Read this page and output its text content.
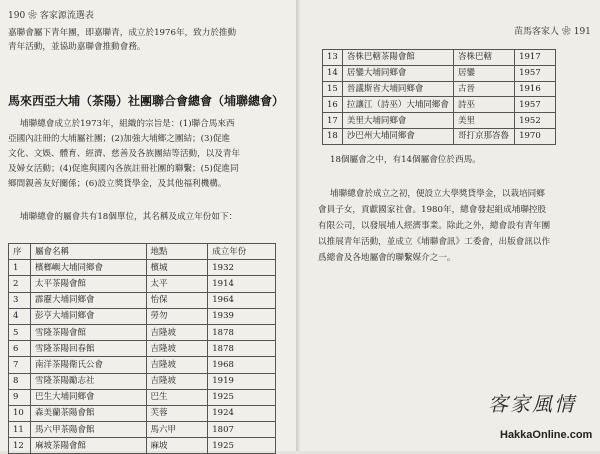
190 ❀ 客家源流選表

嘉聯會屬下青年團，即嘉聯青，成立於1976年，致力於推動

青年活動，並協助嘉聯會推動會務。

馬來西亞大埔（茶陽）社團聯合會總會（埔聯總會）

埔聯總會成立於1973年，組織的宗旨是：(1)聯合馬來西

亞國內註冊的大埔屬社團；(2)加強大埔鄉之團結；(3)促進

文化、文娛、體育、經濟、慈善及各族團結等活動，以及青年

及婦女活動；(4)促進與國內各族註冊社團的聯繫；(5)促進同

鄉間親善友好關係；(6)設立獎貸學金，及其他福利機構。

埔聯總會的屬會共有18個單位，其名稱及成立年份如下：

序	屬會名稱	地點	成立年份
1	檳榔嶼大埔同鄉會	檳城	1932
2	太平茶陽會館	太平	1914
3	霹靂大埔同鄉會	怡保	1964
4	彭亨大埔同鄉會	勞勿	1939
5	雪隆茶陽會館	吉隆坡	1878
6	雪隆茶陽回春館	吉隆坡	1878
7	南洋茶陽衛氏公會	吉隆坡	1968
8	雪隆茶陽勵志社	吉隆坡	1919
9	巴生大埔同鄉會	巴生	1925
10	森美蘭茶陽會館	芙蓉	1924
11	馬六甲茶陽會館	馬六甲	1807
12	麻坡茶陽會館	麻坡	1925
苗馬客家人 ❀ 191
13	峇株巴轄茶陽會館	峇株巴轄	1917
14	居鑾大埔同鄉會	居鑾	1957
15	晉議斯省大埔同鄉會	古晉	1916
16	拉讓江（詩巫）大埔同鄉會	詩巫	1957
17	美里大埔同鄉會	美里	1952
18	沙巴州大埔同鄉會	哥打京那峇魯	1970

18個屬會之中，有14個屬會位於西馬。

埔聯總會於成立之初，便設立大學獎貸學金，以栽培同鄉

會員子女，貢獻國家社會。1980年，總會發起組成埔聯控股

有限公司，以發展埔人經濟事業。除此之外，總會設有青年團

以推展青年活動，並成立《埔聯會訊》工委會，出版會訊以作

爲總會及各地屬會的聯繫媒介之一。

客家風情
HakkaOnline.com
